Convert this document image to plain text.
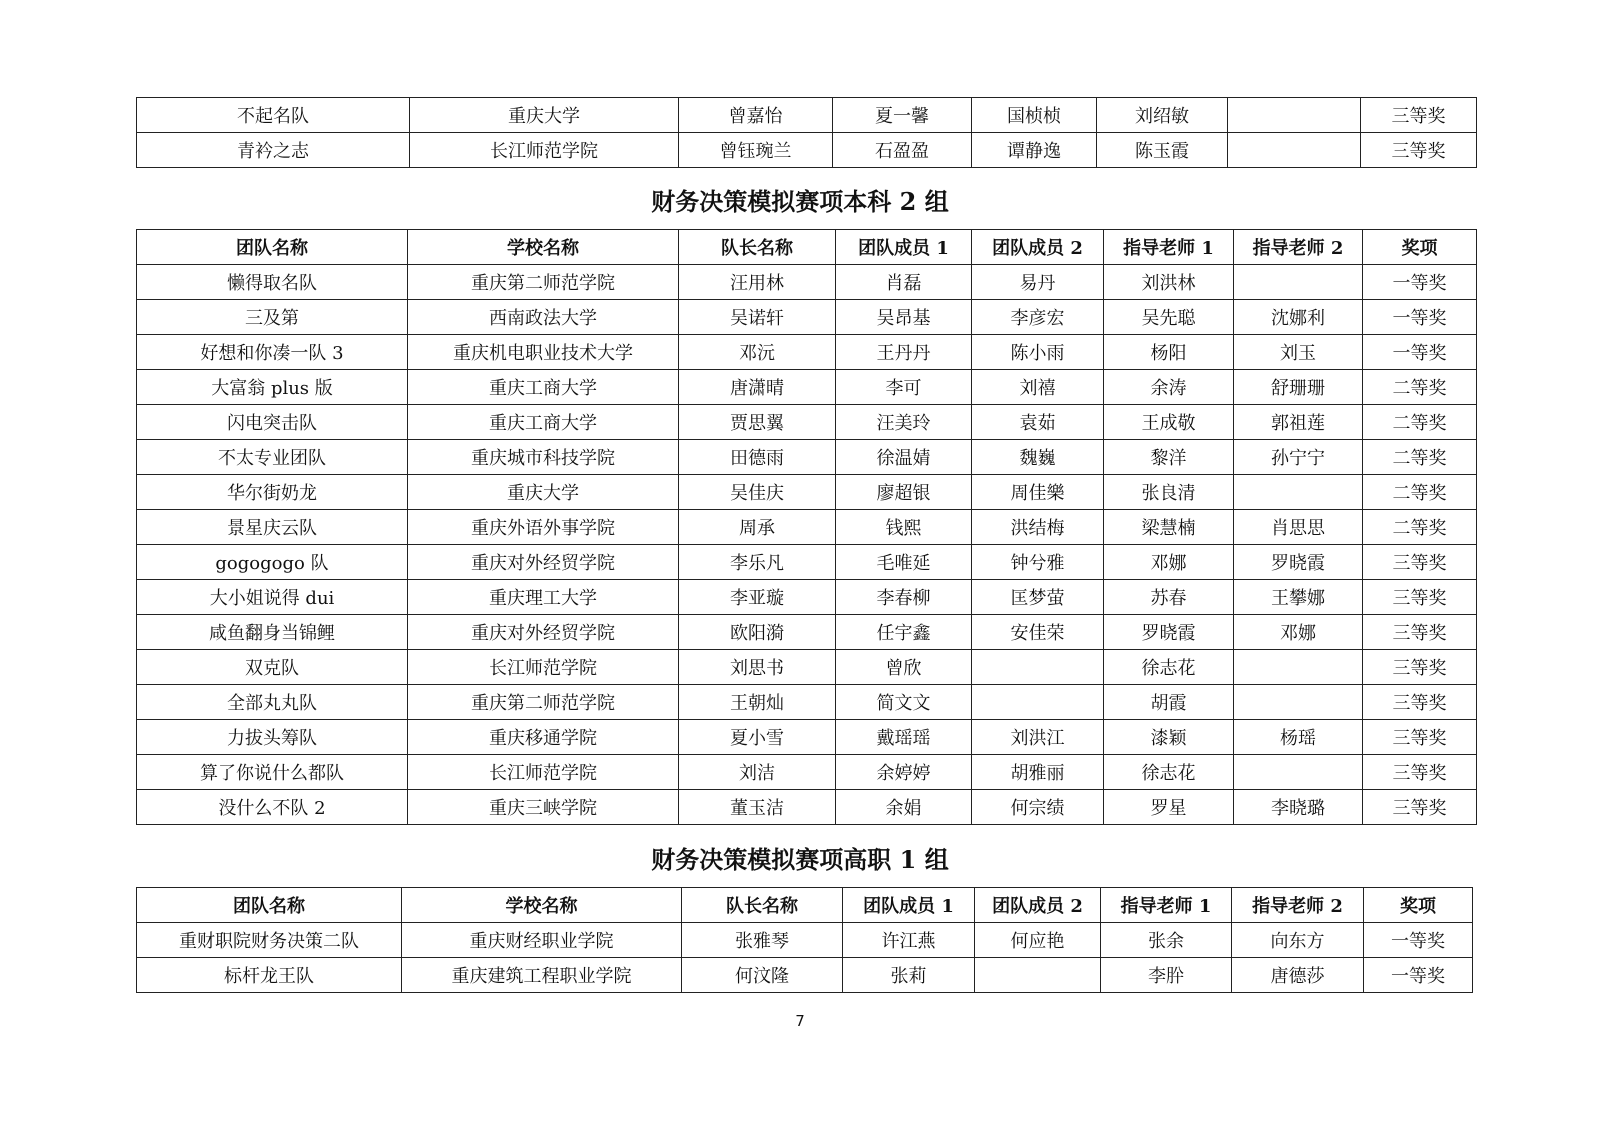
不起名队	重庆大学	曾嘉怡	夏一馨	国桢桢	刘绍敏		三等奖
青衿之志	长江师范学院	曾钰琬兰	石盈盈	谭静逸	陈玉霞		三等奖
财务决策模拟赛项本科 2 组
团队名称	学校名称	队长名称	团队成员 1	团队成员 2	指导老师 1	指导老师 2	奖项
懒得取名队	重庆第二师范学院	汪用林	肖磊	易丹	刘洪林		一等奖
三及第	西南政法大学	吴诺轩	吴昂基	李彦宏	吴先聪	沈娜利	一等奖
好想和你凑一队 3	重庆机电职业技术大学	邓沅	王丹丹	陈小雨	杨阳	刘玉	一等奖
大富翁 plus 版	重庆工商大学	唐潇晴	李可	刘禧	余涛	舒珊珊	二等奖
闪电突击队	重庆工商大学	贾思翼	汪美玲	袁茹	王成敬	郭祖莲	二等奖
不太专业团队	重庆城市科技学院	田德雨	徐温婧	魏巍	黎洋	孙宁宁	二等奖
华尔街奶龙	重庆大学	吴佳庆	廖超银	周佳樂	张良清		二等奖
景星庆云队	重庆外语外事学院	周承	钱熙	洪结梅	梁慧楠	肖思思	二等奖
gogogogo 队	重庆对外经贸学院	李乐凡	毛唯延	钟兮雅	邓娜	罗晓霞	三等奖
大小姐说得 dui	重庆理工大学	李亚璇	李春柳	匡梦萤	苏春	王攀娜	三等奖
咸鱼翻身当锦鲤	重庆对外经贸学院	欧阳漪	任宇鑫	安佳荣	罗晓霞	邓娜	三等奖
双克队	长江师范学院	刘思书	曾欣		徐志花		三等奖
全部丸丸队	重庆第二师范学院	王朝灿	简文文		胡霞		三等奖
力拔头筹队	重庆移通学院	夏小雪	戴瑶瑶	刘洪江	漆颖	杨瑶	三等奖
算了你说什么都队	长江师范学院	刘洁	余婷婷	胡雅丽	徐志花		三等奖
没什么不队 2	重庆三峡学院	董玉洁	余娟	何宗绩	罗星	李晓璐	三等奖
财务决策模拟赛项高职 1 组
团队名称	学校名称	队长名称	团队成员 1	团队成员 2	指导老师 1	指导老师 2	奖项
重财职院财务决策二队	重庆财经职业学院	张雅琴	许江燕	何应艳	张余	向东方	一等奖
标杆龙王队	重庆建筑工程职业学院	何汶隆	张莉		李肸	唐德莎	一等奖
7
